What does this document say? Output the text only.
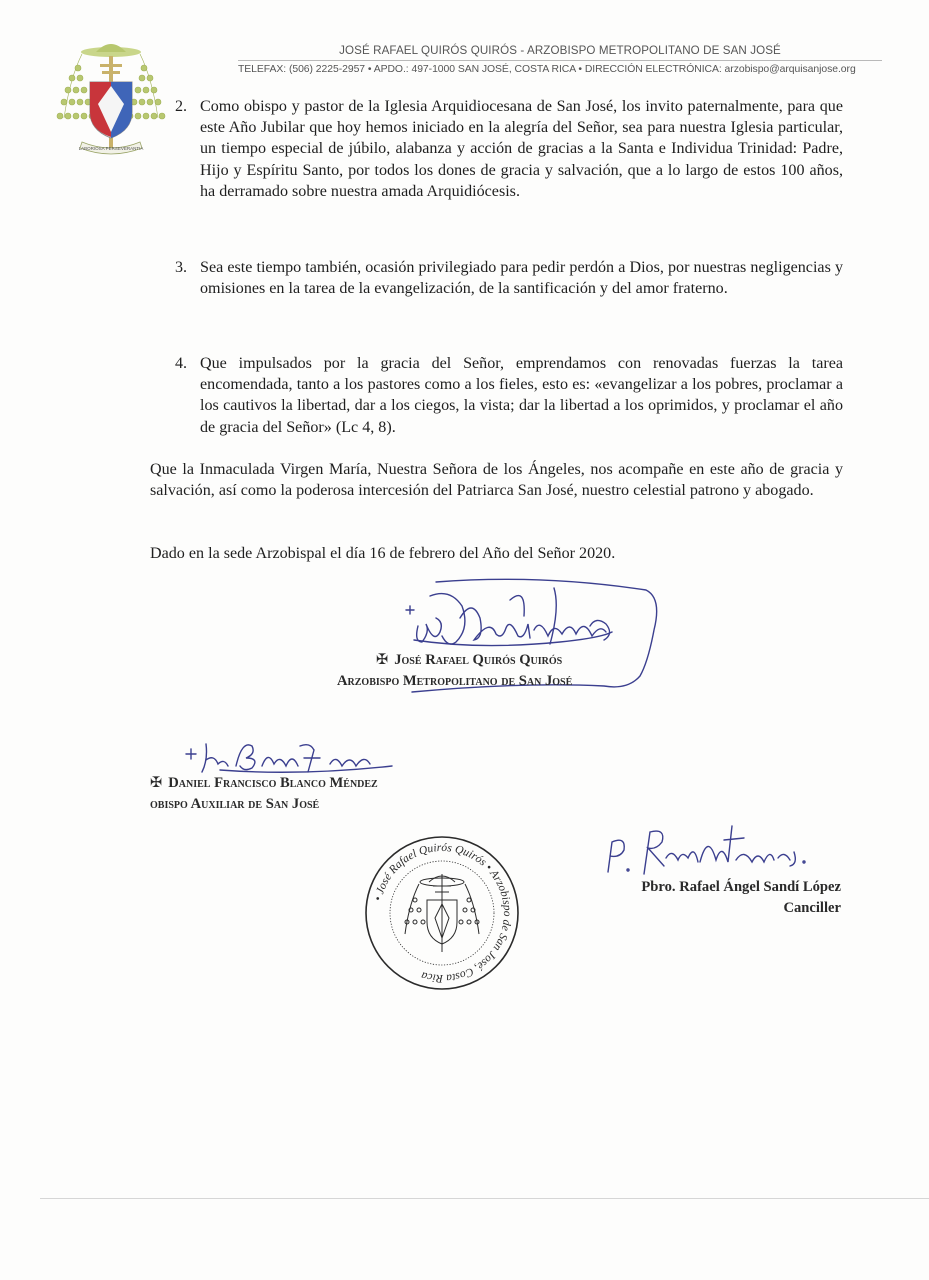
LABORIOSA PERSEVERANTIA
JOSÉ RAFAEL QUIRÓS QUIRÓS - ARZOBISPO METROPOLITANO DE SAN JOSÉ
TELEFAX: (506) 2225-2957 • APDO.: 497-1000 SAN JOSÉ, COSTA RICA • DIRECCIÓN ELECTRÓNICA: arzobispo@arquisanjose.org
2. Como obispo y pastor de la Iglesia Arquidiocesana de San José, los invito paternalmente, para que este Año Jubilar que hoy hemos iniciado en la alegría del Señor, sea para nuestra Iglesia particular, un tiempo especial de júbilo, alabanza y acción de gracias a la Santa e Individua Trinidad: Padre, Hijo y Espíritu Santo, por todos los dones de gracia y salvación, que a lo largo de estos 100 años, ha derramado sobre nuestra amada Arquidiócesis.
3. Sea este tiempo también, ocasión privilegiado para pedir perdón a Dios, por nuestras negligencias y omisiones en la tarea de la evangelización, de la santificación y del amor fraterno.
4. Que impulsados por la gracia del Señor, emprendamos con renovadas fuerzas la tarea encomendada, tanto a los pastores como a los fieles, esto es: «evangelizar a los pobres, proclamar a los cautivos la libertad, dar a los ciegos, la vista; dar la libertad a los oprimidos, y proclamar el año de gracia del Señor» (Lc 4, 8).
Que la Inmaculada Virgen María, Nuestra Señora de los Ángeles, nos acompañe en este año de gracia y salvación, así como la poderosa intercesión del Patriarca San José, nuestro celestial patrono y abogado.
Dado en la sede Arzobispal el día 16 de febrero del Año del Señor 2020.
✠ José Rafael Quirós Quirós
Arzobispo Metropolitano de San José
✠ Daniel Francisco Blanco Méndez
obispo Auxiliar de San José
• José Rafael Quirós Quirós • Arzobispo de San José, Costa Rica
Pbro. Rafael Ángel Sandí López
Canciller
